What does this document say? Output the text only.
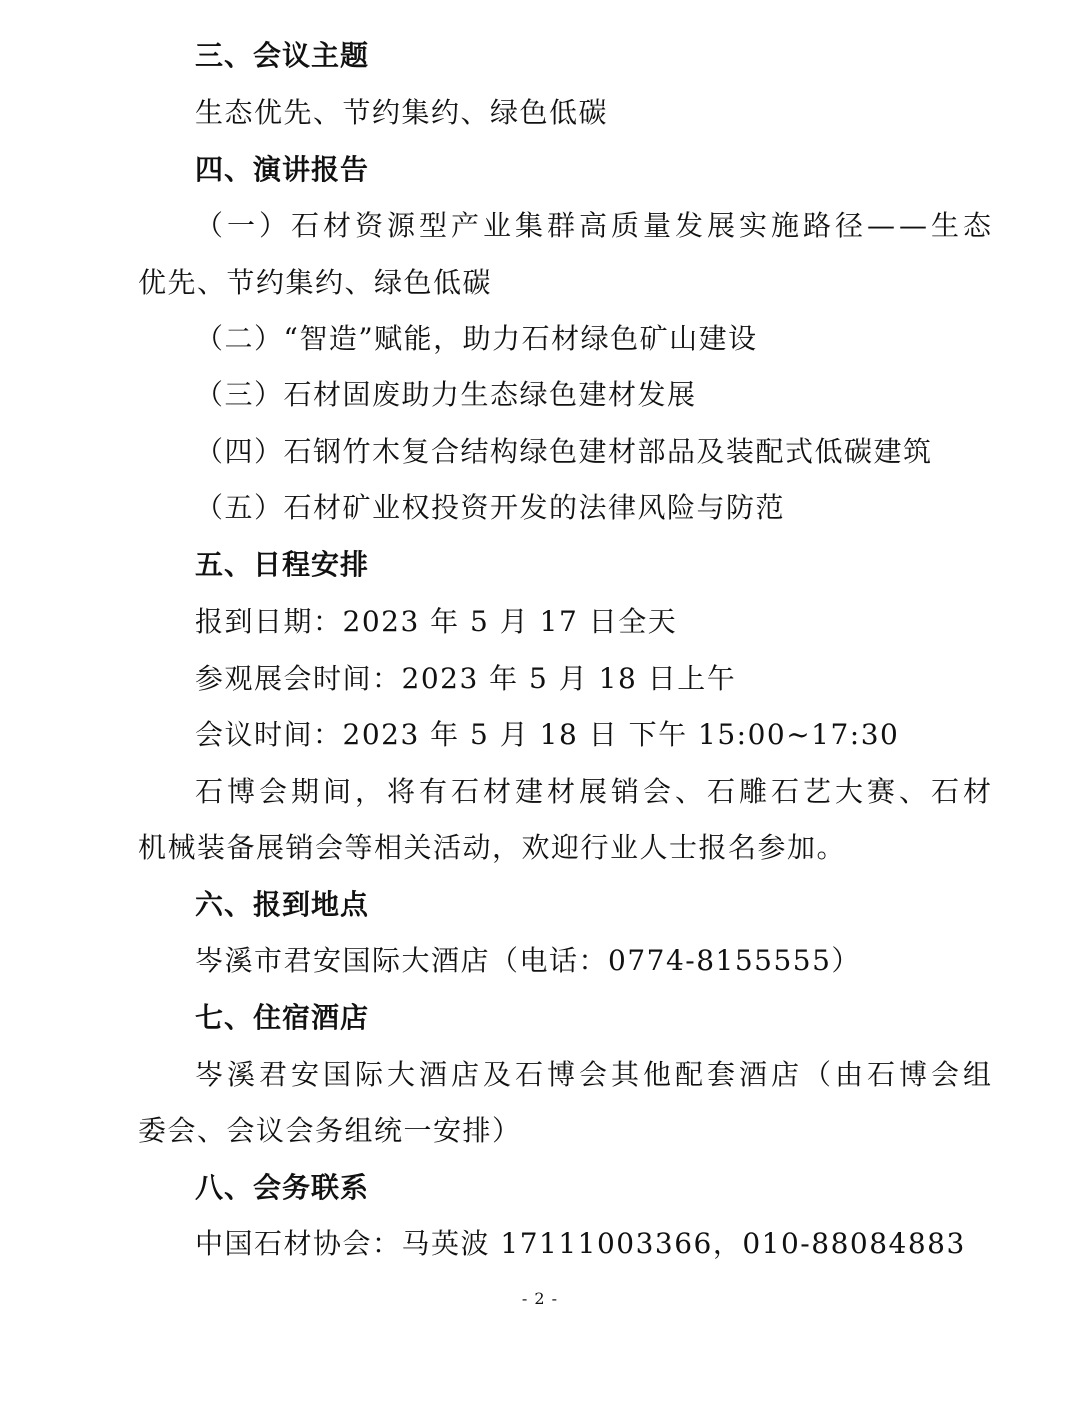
三、会议主题
生态优先、节约集约、绿色低碳
四、演讲报告
（一）石材资源型产业集群高质量发展实施路径——生态
优先、节约集约、绿色低碳
（二）“智造”赋能，助力石材绿色矿山建设
（三）石材固废助力生态绿色建材发展
（四）石钢竹木复合结构绿色建材部品及装配式低碳建筑
（五）石材矿业权投资开发的法律风险与防范
五、日程安排
报到日期：2023 年 5 月 17 日全天
参观展会时间：2023 年 5 月 18 日上午
会议时间：2023 年 5 月 18 日 下午 15:00~17:30
石博会期间，将有石材建材展销会、石雕石艺大赛、石材
机械装备展销会等相关活动，欢迎行业人士报名参加。
六、报到地点
岑溪市君安国际大酒店（电话：0774-8155555）
七、住宿酒店
岑溪君安国际大酒店及石博会其他配套酒店（由石博会组
委会、会议会务组统一安排）
八、会务联系
中国石材协会：马英波 17111003366，010-88084883
- 2 -
